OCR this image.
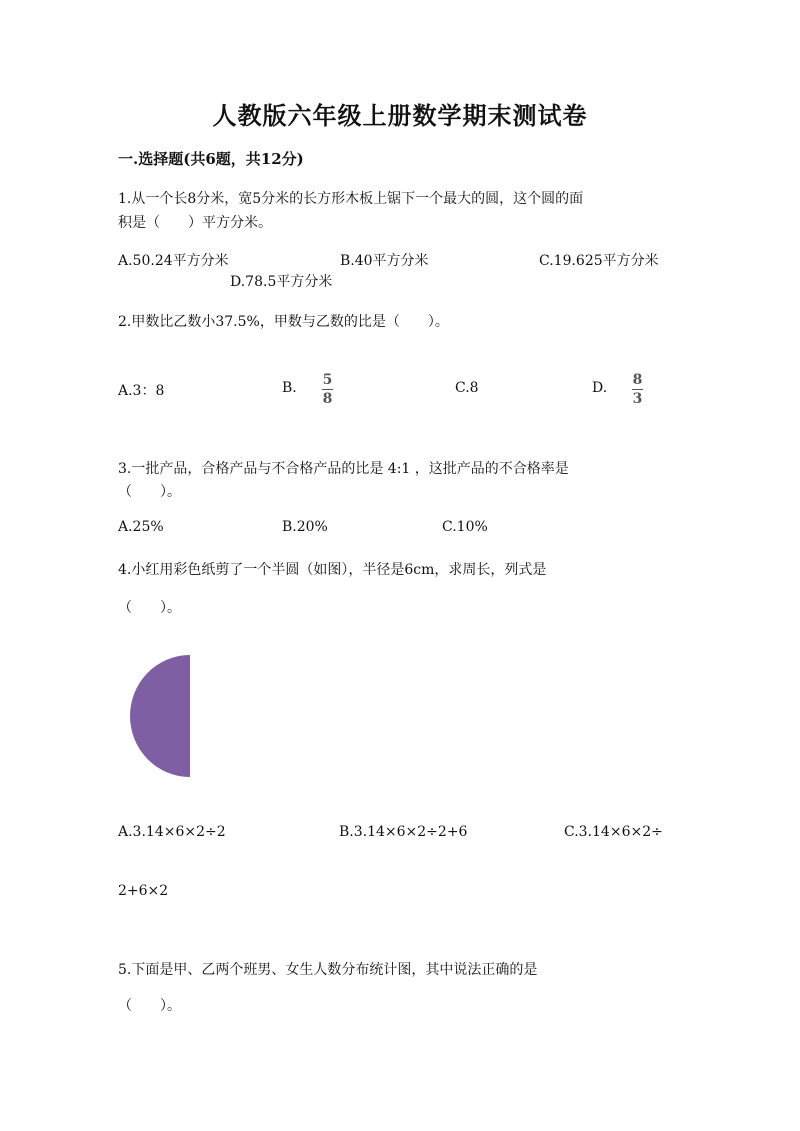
人教版六年级上册数学期末测试卷
一.选择题(共6题，共12分)
1.从一个长8分米，宽5分米的长方形木板上锯下一个最大的圆，这个圆的面
积是（　　）平方分米。
A.50.24平方分米	B.40平方分米	C.19.625平方分米
D.78.5平方分米
2.甲数比乙数小37.5%，甲数与乙数的比是（　　）。
A.3：8	B. 5
8
C.8	D. 8
3
3.一批产品，合格产品与不合格产品的比是 4:1 ，这批产品的不合格率是
（　　）。
A.25%	B.20%	C.10%
4.小红用彩色纸剪了一个半圆（如图），半径是6cm，求周长，列式是
（　　）。
A.3.14×6×2÷2	B.3.14×6×2÷2+6	C.3.14×6×2÷
2+6×2
5.下面是甲、乙两个班男、女生人数分布统计图，其中说法正确的是
（　　）。
